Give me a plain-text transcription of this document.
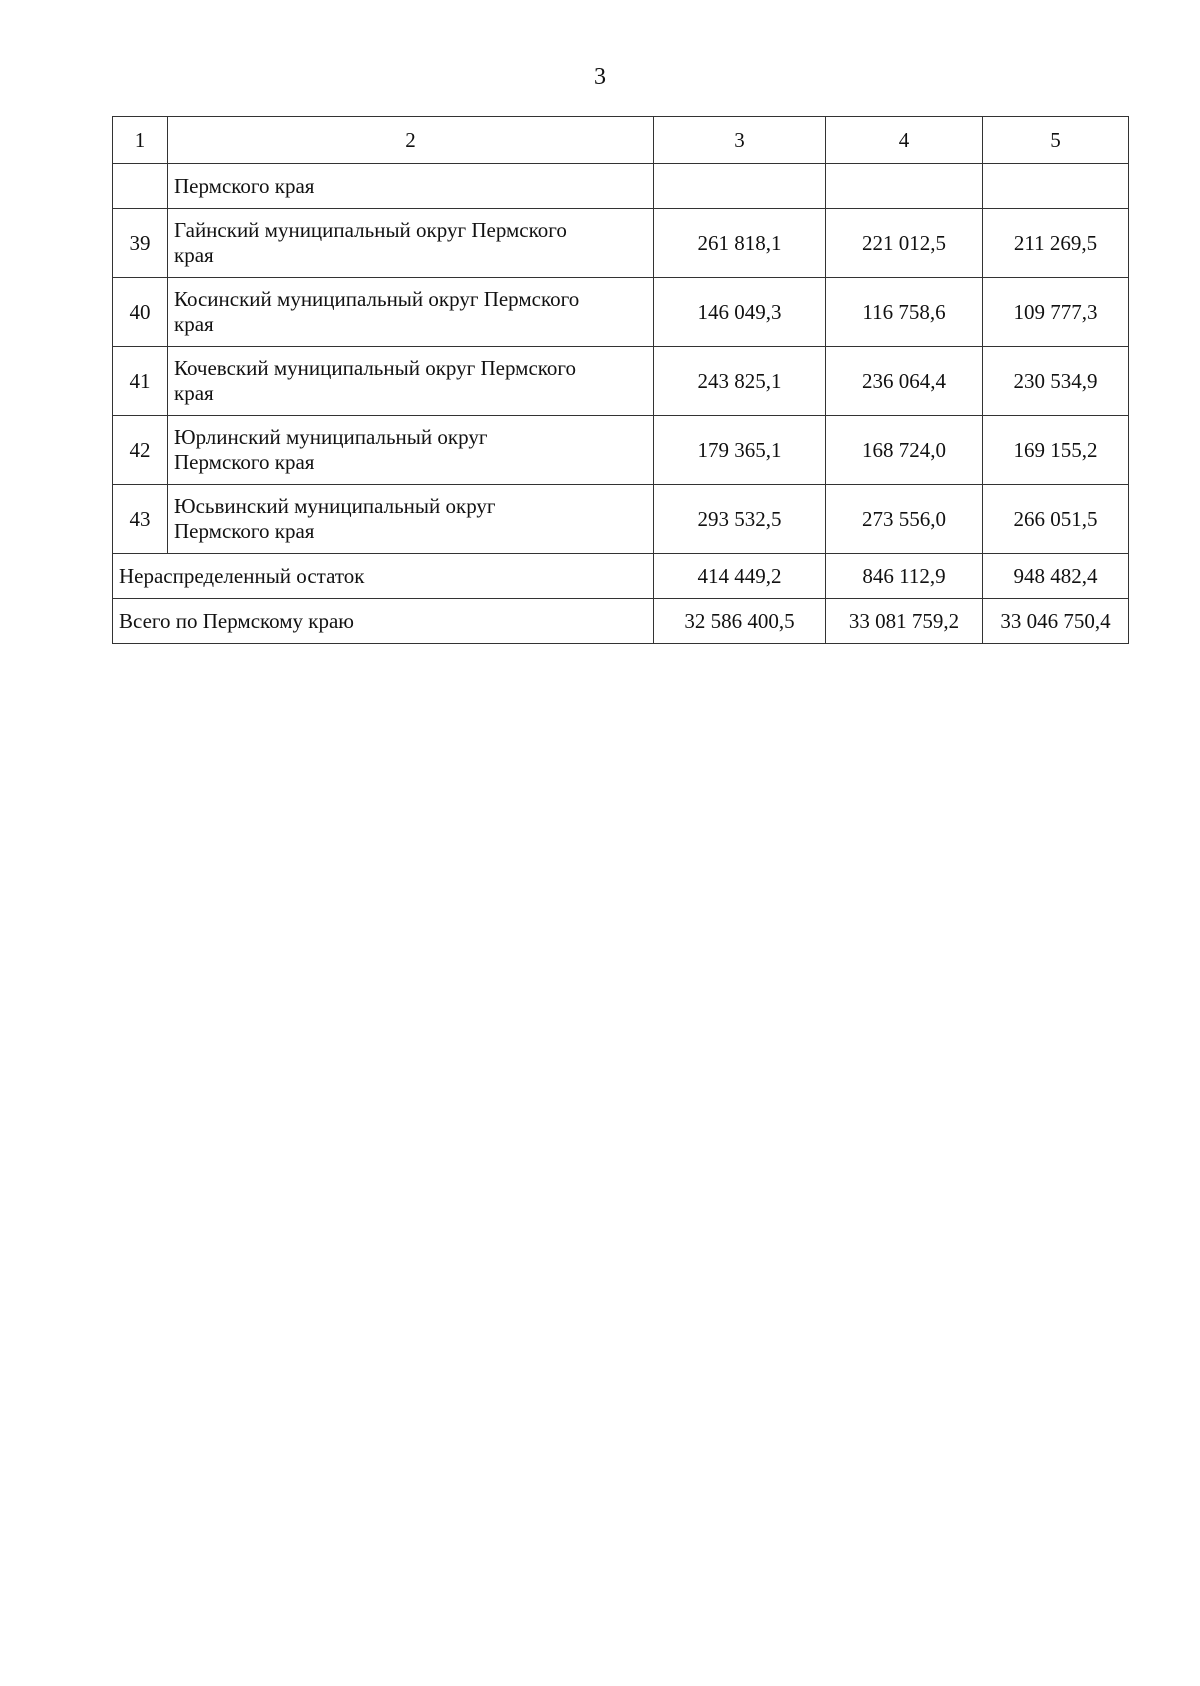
3
1	2	3	4	5
	Пермского края			
39	Гайнский муниципальный округ Пермского
края	261 818,1	221 012,5	211 269,5
40	Косинский муниципальный округ Пермского
края	146 049,3	116 758,6	109 777,3
41	Кочевский муниципальный округ Пермского
края	243 825,1	236 064,4	230 534,9
42	Юрлинский муниципальный округ
Пермского края	179 365,1	168 724,0	169 155,2
43	Юсьвинский муниципальный округ
Пермского края	293 532,5	273 556,0	266 051,5
Нераспределенный остаток		414 449,2	846 112,9	948 482,4
Всего по Пермскому краю		32 586 400,5	33 081 759,2	33 046 750,4
